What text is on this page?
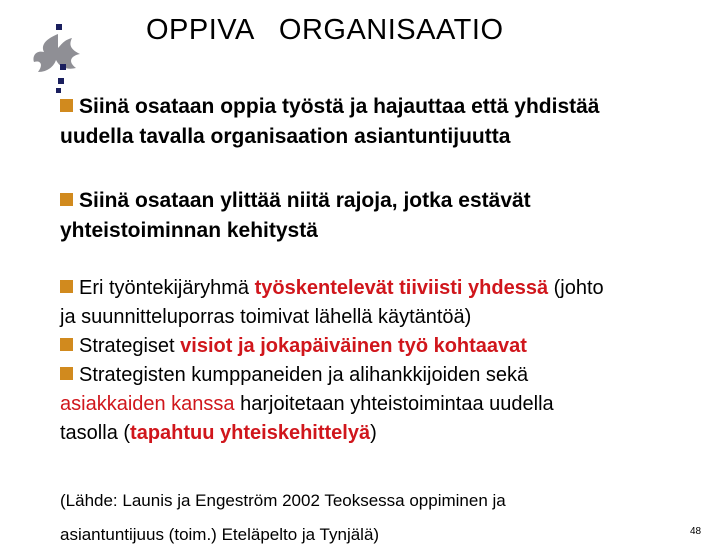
OPPIVA   ORGANISAATIO

Siinä osataan oppia työstä ja hajauttaa että yhdistää
uudella tavalla organisaation asiantuntijuutta

Siinä osataan ylittää niitä rajoja, jotka estävät
yhteistoiminnan kehitystä

Eri työntekijäryhmä työskentelevät tiiviisti yhdessä (johto
ja suunnitteluporras toimivat lähellä käytäntöä)
Strategiset visiot ja jokapäiväinen työ kohtaavat
Strategisten kumppaneiden ja alihankkijoiden sekä
asiakkaiden kanssa harjoitetaan yhteistoimintaa uudella
tasolla (tapahtuu yhteiskehittelyä)

(Lähde: Launis ja Engeström 2002 Teoksessa oppiminen ja
asiantuntijuus (toim.) Eteläpelto ja Tynjälä)	48
